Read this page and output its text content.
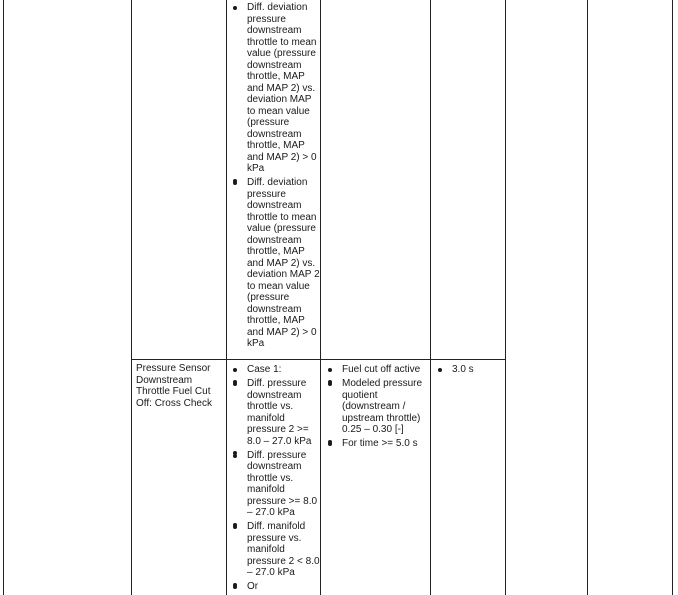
Diff. deviation pressure downstream throttle to mean value (pressure downstream throttle, MAP and MAP 2) vs. deviation MAP to mean value (pressure downstream throttle, MAP and MAP 2) > 0 kPa
Diff. deviation pressure downstream throttle to mean value (pressure downstream throttle, MAP and MAP 2) vs. deviation MAP 2 to mean value (pressure downstream throttle, MAP and MAP 2) > 0 kPa
Pressure Sensor Downstream Throttle Fuel Cut Off: Cross Check
Case 1:
Diff. pressure downstream throttle vs. manifold pressure 2 >= 8.0 – 27.0 kPa
Diff. pressure downstream throttle vs. manifold pressure >= 8.0 – 27.0 kPa
Diff. manifold pressure vs. manifold pressure 2 < 8.0 – 27.0 kPa
Or
Fuel cut off active
Modeled pressure quotient (downstream / upstream throttle) 0.25 – 0.30 [-]
For time >= 5.0 s
3.0 s
